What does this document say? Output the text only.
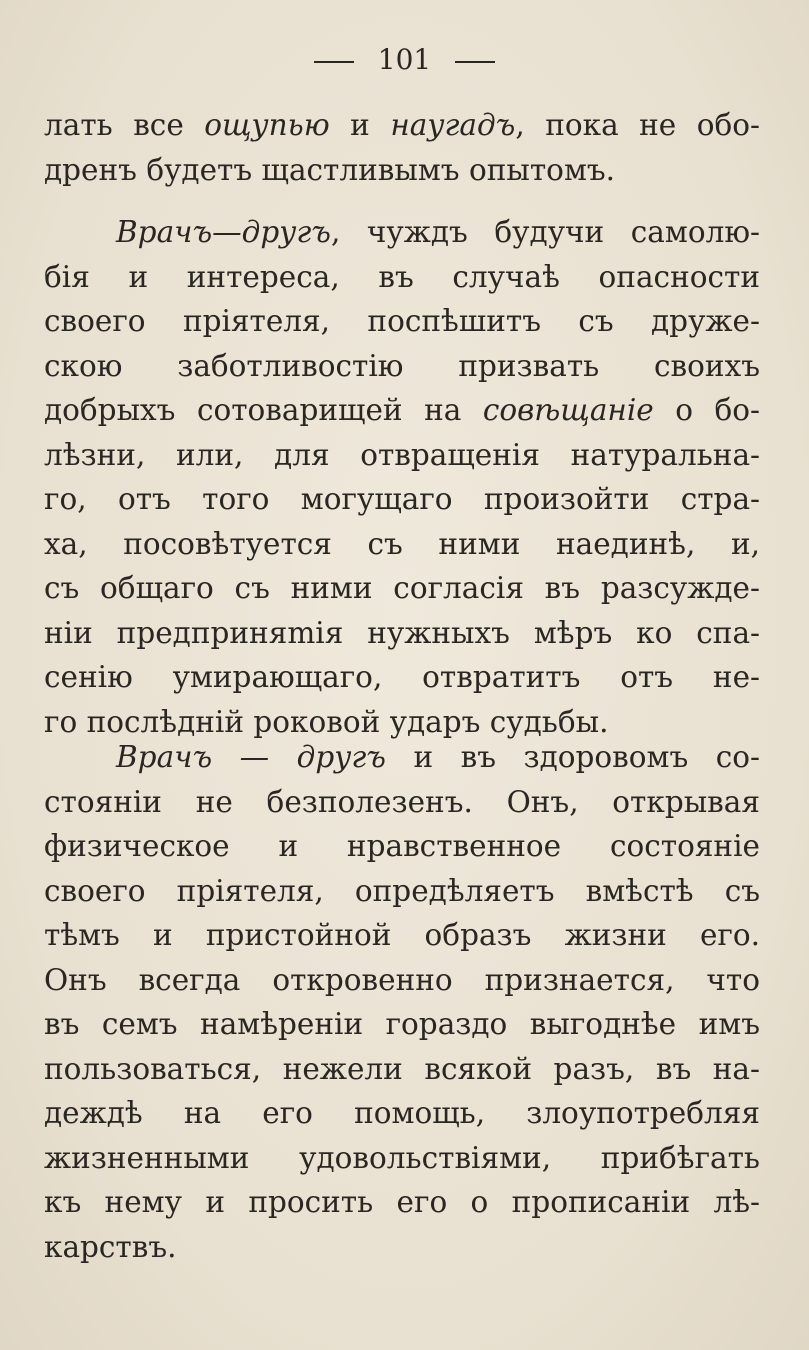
101
лать все ощупью и наугадъ, пока не обо-
дренъ будетъ щастливымъ опытомъ.
Врачъ—другъ, чуждъ будучи самолю-
бія и интереса, въ случаѣ опасности
своего пріятеля, поспѣшитъ съ друже-
скою заботливостію призвать своихъ
добрыхъ сотоварищей на совѣщаніе о бо-
лѣзни, или, для отвращенія натуральна-
го, отъ того могущаго произойти стра-
ха, посовѣтуется съ ними наединѣ, и,
съ общаго съ ними согласія въ разсужде-
ніи предприняmія нужныхъ мѣръ ко спа-
сенію умирающаго, отвратитъ отъ не-
го послѣдній роковой ударъ судьбы.
Врачъ — другъ и въ здоровомъ со-
стояніи не безполезенъ. Онъ, открывая
физическое и нравственное состояніе
своего пріятеля, опредѣляетъ вмѣстѣ съ
тѣмъ и пристойной образъ жизни его.
Онъ всегда откровенно признается, что
въ семъ намѣреніи гораздо выгоднѣе имъ
пользоваться, нежели всякой разъ, въ на-
деждѣ на его помощь, злоупотребляя
жизненными удовольствіями, прибѣгать
къ нему и просить его о прописаніи лѣ-
карствъ.
